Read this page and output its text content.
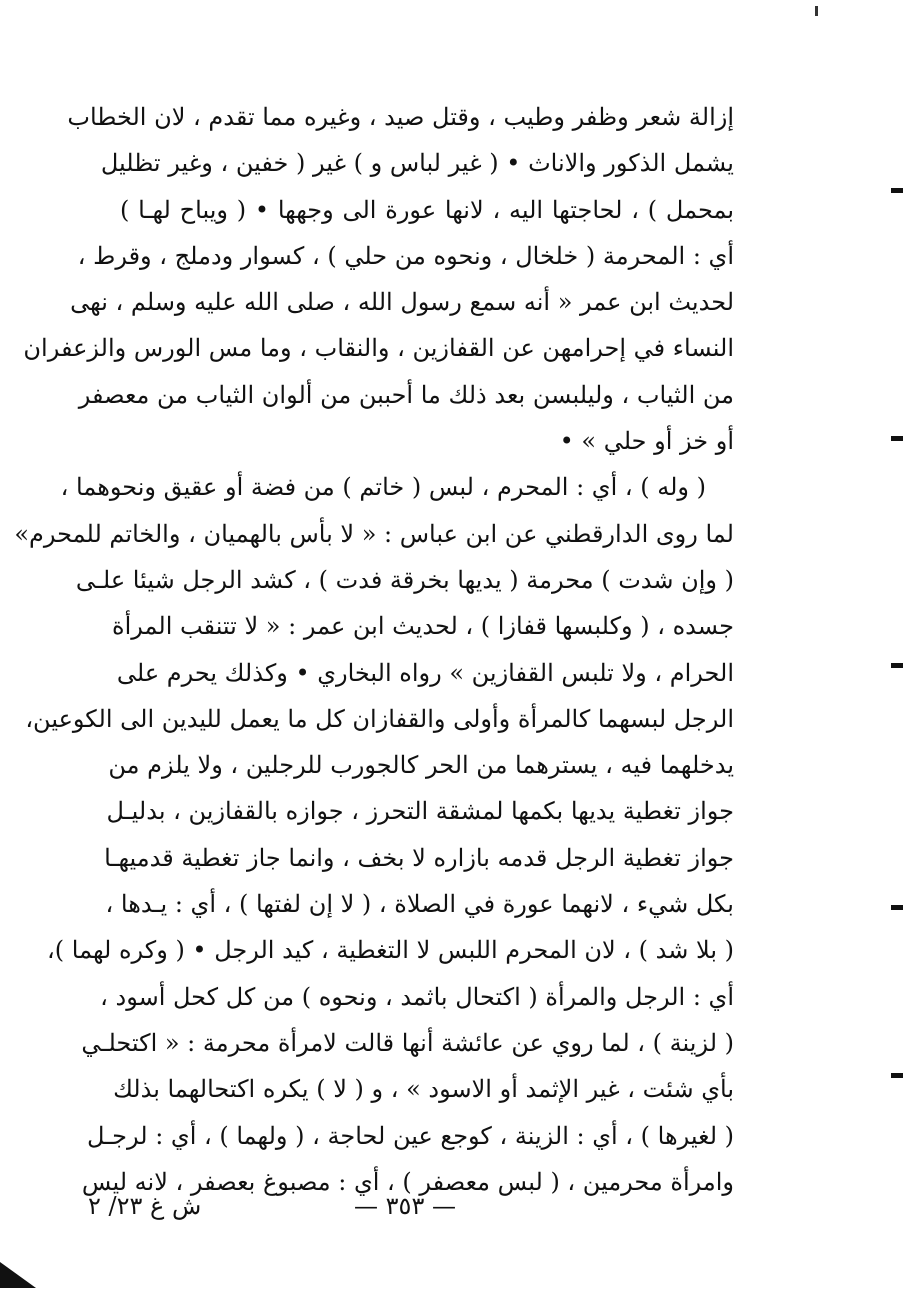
إزالة شعر وظفر وطيب ، وقتل صيد ، وغيره مما تقدم ، لان الخطاب
يشمل الذكور والاناث • ( غير لباس و ) غير ( خفين ، وغير تظليل
بمحمل ) ، لحاجتها اليه ، لانها عورة الى وجهها • ( ويباح لهـا )
أي : المحرمة ( خلخال ، ونحوه من حلي ) ، كسوار ودملج ، وقرط ،
لحديث ابن عمر « أنه سمع رسول الله ، صلى الله عليه وسلم ، نهى
النساء في إحرامهن عن القفازين ، والنقاب ، وما مس الورس والزعفران
من الثياب ، وليلبسن بعد ذلك ما أحببن من ألوان الثياب من معصفر
أو خز أو حلي » •
( وله ) ، أي : المحرم ، لبس ( خاتم ) من فضة أو عقيق ونحوهما ،
لما روى الدارقطني عن ابن عباس : « لا بأس بالهميان ، والخاتم للمحرم»
( وإن شدت ) محرمة ( يديها بخرقة فدت ) ، كشد الرجل شيئا علـى
جسده ، ( وكلبسها قفازا ) ، لحديث ابن عمر : « لا تتنقب المرأة
الحرام ، ولا تلبس القفازين » رواه البخاري • وكذلك يحرم على
الرجل لبسهما كالمرأة وأولى والقفازان كل ما يعمل لليدين الى الكوعين،
يدخلهما فيه ، يسترهما من الحر كالجورب للرجلين ، ولا يلزم من
جواز تغطية يديها بكمها لمشقة التحرز ، جوازه بالقفازين ، بدليـل
جواز تغطية الرجل قدمه بازاره لا بخف ، وانما جاز تغطية قدميهـا
بكل شيء ، لانهما عورة في الصلاة ، ( لا إن لفتها ) ، أي : يـدها ،
( بلا شد ) ، لان المحرم اللبس لا التغطية ، كيد الرجل • ( وكره لهما )،
أي : الرجل والمرأة ( اكتحال باثمد ، ونحوه ) من كل كحل أسود ،
( لزينة ) ، لما روي عن عائشة أنها قالت لامرأة محرمة : « اكتحلـي
بأي شئت ، غير الإثمد أو الاسود » ، و ( لا ) يكره اكتحالهما بذلك
( لغيرها ) ، أي : الزينة ، كوجع عين لحاجة ، ( ولهما ) ، أي : لرجـل
وامرأة محرمين ، ( لبس معصفر ) ، أي : مصبوغ بعصفر ، لانه ليس
ش غ ٢٣/ ٢	— ٣٥٣ —
